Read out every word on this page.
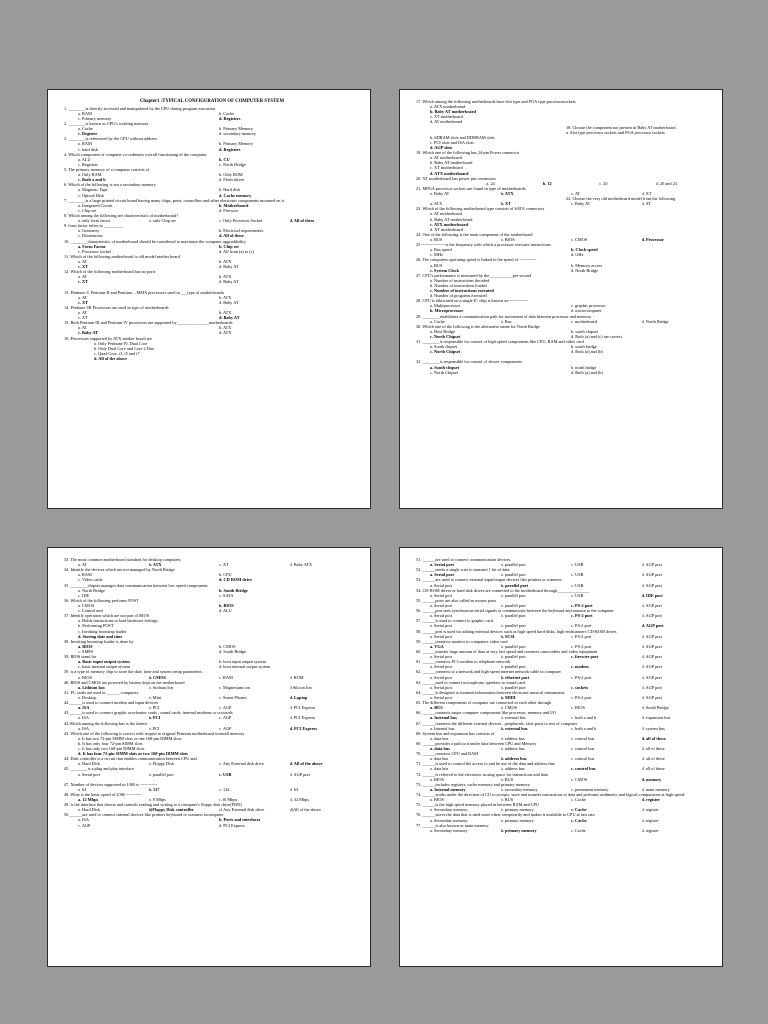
Chapter1 :TYPICAL CONFIGURATION OF COMPUTER SYSTEM
1. ________is directly accessed and manipulated by the CPU during program execution
a. RAM	b. Cache
c. Primary memory	d. Registers
2. ________is known as CPU's working memory
a. Cache	b. Primary Memory
c. Register	d. secondary memory
3. ________is referenced by the CPU without address
a. RAM	b. Primary Memory
c. hard disk	d. Registers
4. Which component of computer co-ordinates overall functioning of the computer.
a. ALU	b. CU
c. Registers	c. North Bridge
5. The primary memory of a computer consists of
a. Only RAM	b. Only ROM
c. Both a and b	d. Flash drives
6. Which of the following is not a secondary memory
a. Magnetic Tape	b. Hard disk
c. Optical Disk	d. Cache memory
7. ________is a large printed circuit board having many chips, ports, controllers and other electronic components mounted on it
a. Integrated Circuit	b. Motherboard
c. Chip set	d. Firewire
8. Which among the following are characteristics of motherboard?
a. only form factor	b. only Chip set	c. Only Processor Socket	d. All of these
9. form factor refers to _________
a. Geometry	b. Electrical requirements
c. Dimensions	d. All of these
10. ________characteristic of motherboard should be considered to maximize the computer upgradability.
a. Form Factor	b. Chip set
c. Processor socket	d. All from (a) to (c)
11. Which of the following motherboard is old model mother board
a. AT	b. ATX
c. XT	d. Baby AT
12. Which of the following motherboard has no ports
a. AT	b. ATX
c. XT	d. Baby AT
13. Pentium -I, Pentium-II and Pentium – MMX processors used in ___type of motherboards
a. AT	b. ATX
c. XT	d. Baby AT
14. Pentium -III Processors are used in type of motherboards
a. AT	b. ATX
c. XT	d. Baby AT
15. Both Pentium III and Pentium IV processors are supported by_______________motherboards
a. AT	b. ATX
c. Baby AT	d. ATX
16. Processors supported by ATX mother board are
a. Only Pentium-IV, Dual Core
b. Only Dual Core and Core 2 Duo
c. Quad Core, i3, i5 and i7
d. All of the above
17. Which among the following motherboards have slot type and PGA type processorsockets
a. ATX motherboard
b. Baby AT motherboard
c. XT motherboard
d. AT motherboard
18. Choose the component not present in Baby AT motherboard
a. Slot type processor sockets and PGA processor sockets
b. SDRAM slots and DDRRAM slots
c. PCI slots and ISA slots
d. AGP slots
19. Which one of the following has 24-pin Power connector
a. AT motherboard
b. Baby AT motherboard
c. XT motherboard
d. ATX motherboard
20. XT motherboard has power pin connectors
a. 24	b. 12	c. 20	d. 20 and 24
21. MPGA processor sockets are found in type of motherboards
a. Baby AT	b. ATX	c. AT	d. XT
22. Choose the very old motherboard model from the following
a. ATX	b. XT	c. Baby AT	d. AT
23. Which of the following motherboard type consists of SATA connectors
a. AT motherboard
b. Baby AT motherboard
c. ATX motherboard
d. XT motherboard
24. One of the following is the main component of the motherboard
a. BUS	b. BIOS	c. CMOS	d. Processor
25 ---------------- is the frequency with which a processor executes instructions.
a. Bus speed	b. Clock speed
c. MHz	d. GHz
26. The computers operating speed is linked to the speed of ------------
a. BUS	b. Memory access
c. System Clock	d. North Bridge
27. CPU's performance is measured by the___________per second
a. Number of instructions decoded
b. Number of instructions loaded
c. Number of instructions executed
d. Number of programs executed
28. CPU is fabricated on a single IC chip is known as--------------
a. Multiprocessor	c. graphic processor
b. Microprocessor	d. microcomputer
29. ________establishes a communication path for movement of data between processor and memory
a. Cache	b. Bus	c. motherboard	d. North Bridge
30. Which one of the following is the alternative name for North Bridge
a. Host Bridge	b. south chipset
c. North Chipset	d. Both (a) and (c) are correct
31. ________is responsible for control of high speed components like CPU, RAM and video card
a. South chipset	b. south bridge
c. North Chipset	d. Both (a) and (b)
32. ________is responsible for control of slower components.
a. South chipset	b. north bridge
c. North Chipset	d. Both (a) and (b)
33. The most common motherboard standard for desktop computers
a. AT	b. ATX	c. XT	d. Baby ATX
34. Identify the devices which are not managed by North Bridge
a. RAM	b. CPU
c. Video cards	d. CD ROM drive
35. ________chipset manages data communication between low speed components
a. North Bridge	b. South Bridge
c. IDE	c. SATA
36. Which of the following performs POST
a. CMOS	b. BIOS
c. Control unit	d. ALU
37. Identify operation which are not part of BIOS
a. Holds instructions to load hardware settings
b. Performing POST
c. Invoking bootstrap loader
d. Storing date and time
38. Invoking bootstrap loader is done by
a. BIOS	b. CMOS
c. SMPS	d. South Bridge
39. BIOS stand for
a. Basic input output system	b. boot input output system
c. basic internal output system	d. boot internal output system
39. is a type of memory chip to store the date, time and system setup parameters.
a. BIOS	b. CMOS	c. RAM	d. ROM
40. BIOS and CMOS are powered by battery kept on the motherboard
a. Lithium Ion	b. Sodium Ion	c. Magnesium ion	d Silicon Ion
41. PC cards are used in ______ computers
a. Desktop	b. Mini	c. Smart Phones	d. Laptop
42.______is used to connect modem and input devices
a. ISA	b. PCI	c. AGP	d. PCI Express
43.______is used to connect graphic accelerator cards , sound cards, internal modems or scsicards
a. ISA	b. PCI	c. AGP	d. PCI Express
42.Which among the following bus is the fastest
a. ISA	b. PCI	c. AGP	d. PCI Express
43. Which one of the following is correct with respect to original Pentium motherboard toinstall memory
a. It has two 72-pin SIMM slots or one 168-pin DIMM slots
b. It has only four 72-pin SIMM slots
c. It has only two 168-pin DIMM slots
d. It has four 72-pin SIMM slots or two 168-pin DIMM slots
44. Disk controller is a circuit that enables communication between CPU and
a. Hard Disk	b. Floppy Disk	c. Any External disk drive	d. All of the above
45. ________is a plug and play interface
a. Serial port	b. parallel port	c. USB	d. AGP port
47. Number of devices supported in USB is ------------
a. 64	b. 127	c. 124	d. 63
48. What is the basic speed of USB -----------
a. 12 Mbps	b. 8 Mbps	c.16 Mbps	d. 32 Mbps
49. is the interface that directs and controls reading and writing to a computer's floppy disk drive(FDD)
a. Hard Disk	b)Floppy Disk controller	c) Any External disk drive	d)All of the above
50.______are used to connect internal devices like printers keyboard or scanners tocomputer
a. ISA	b. Ports and interfaces
c. AGP	d. PCI Express
51. ______are used to connect communication devices.
a. Serial port	b. parallel port	c. USB	d. AGP port
52. ______needs a single wire to transmit 1 bit of data
a. Serial port	b. parallel port	c. USB	d. AGP port
53. ______are used to connect external input/output devices like printers or scanners
a. Serial port	b. parallel port	c. USB	d. AGP port
54. CD-ROM drives or hard disk drives are connected to the motherboard through_______________
a. Serial port	b. parallel port	c. USB	d. IDE port
55. ______ports are also called as mouse ports
a. Serial port	b. parallel port	c. PS-2 port	d. AGP port
56. ______port uses synchronous serial signals to communicate between the keyboard and amouse to the computer
a. Serial port	b. parallel port	c. PS-2 port	d. AGP port
57. ______is used to connect to graphic card.
a. Serial port	b. parallel port	c. PS-2 port	d. AGP port
58. ______port is used for adding external devices such as high speed hard disks, high endscanners CD-ROM drives
a. Serial port	b. SCSI	c. PS-2 port	d. AGP port
59. ______connects monitor to computers video card
a. VGA	b. parallel port	c. PS-2 port	d. AGP port
60. ______transfer large amount of data at very fast speed and connects camcorders and video equipment
a. Serial port	b. parallel port	c. firewire port	d. AGP port
61. ______connects PC's modem to telephone network
a. Serial port	b. parallel port	c. modem	d. AGP port
62. ______connects to a network and high speed internet network cable to computer
a. Serial port	b. ethernet port	c. PS-2 port	d. AGP port
63. ______used to connect microphone, speakers to sound card.
a. Serial port	b. parallel port	c. sockets	d. AGP port
64. ______is designed to transmit information between electronic musical instruments
a. Serial port	b. MIDI	c. PS-2 port	d. AGP port
65. The different components of computer are connected to each other through
a. BUS	b. CMOS	c. BIOS	d. South Bridge
66. ______connects major computer components like processor, memory and I/O
a. Internal bus	b. external bus	c. both a and b	d. expansion bus
67. ______connects the different external devices , peripherals, slots ports to rest of computer
a. Internal bus	b. external bus	c. both a and b	d. system bus
68. System bus and expansion bus consists of
a. data bus	b. address bus	c. control bus	d. all of these
69. ______provides a path to transfer data between CPU and Memory
a. data bus	b. address bus	c. control bus	d. all of these
70. ______connects CPU and RAM
a. data bus	b. address bus	c. control bus	d. all of these
71. ______is used to control the access to and he use of the data and address line
a. data bus	b. address bus	c. control bus	d. all of these
72. ______is referred to the electronic storing space for instructions and data
a. BIOS	b. BUS	c. CMOS	d. memory
73. ______includes registers, cache memory and primary memory
a. Internal memory	b. secondary memory	c. permanent memory	d. main memory
74. ______works under the direction of CU to accepts, store and transfer instructions or data and performs arithmetic and logical comparisons at high speed.
a. BIOS	b. BUS	c. Cache	d. register
75. ______is the high speed memory placed in between RAM and CPU
a. Secondary memory	b. primary memory	c. Cache	d. register
76. ______stores the data that is used more often, temporarily and makes it available to CPU at fast rate.
a. Secondary memory	b. primary memory	c. Cache	d. register
77. ______is also known as main memory
a. Secondary memory	b. primary memory	c. Cache	d. register
